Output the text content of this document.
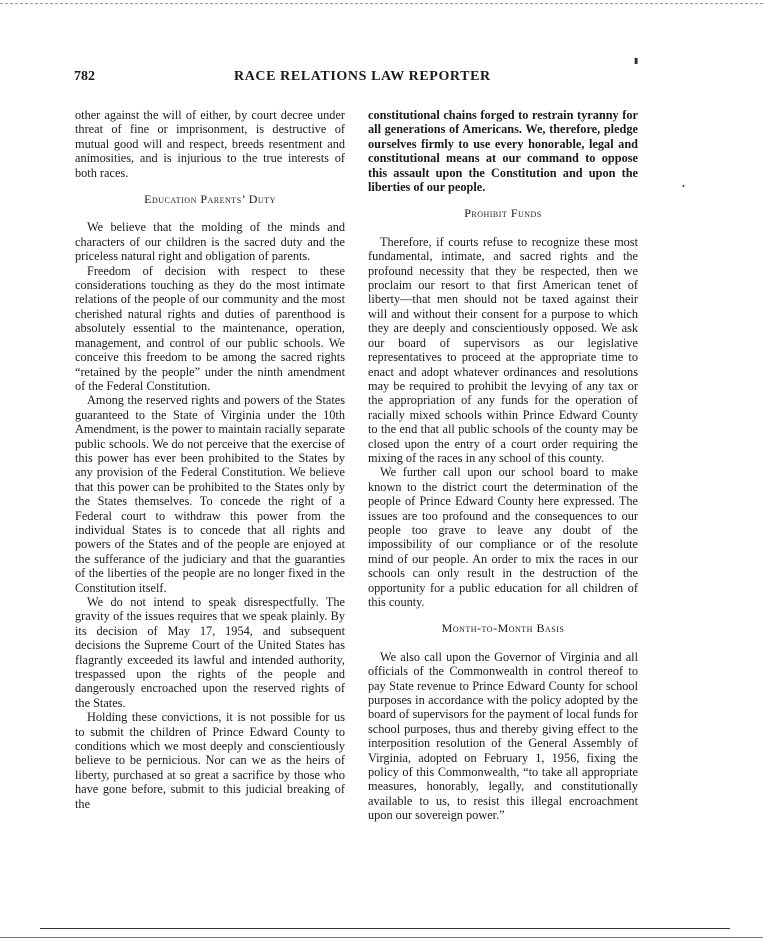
782	RACE RELATIONS LAW REPORTER

other against the will of either, by court decree under threat of fine or imprisonment, is destructive of mutual good will and respect, breeds resentment and animosities, and is injurious to the true interests of both races.

Education Parents’ Duty

We believe that the molding of the minds and characters of our children is the sacred duty and the priceless natural right and obligation of parents.

Freedom of decision with respect to these considerations touching as they do the most intimate relations of the people of our community and the most cherished natural rights and duties of parenthood is absolutely essential to the maintenance, operation, management, and control of our public schools. We conceive this freedom to be among the sacred rights “retained by the people” under the ninth amendment of the Federal Constitution.

Among the reserved rights and powers of the States guaranteed to the State of Virginia under the 10th Amendment, is the power to maintain racially separate public schools. We do not perceive that the exercise of this power has ever been prohibited to the States by any provision of the Federal Constitution. We believe that this power can be prohibited to the States only by the States themselves. To concede the right of a Federal court to withdraw this power from the individual States is to concede that all rights and powers of the States and of the people are enjoyed at the sufferance of the judiciary and that the guaranties of the liberties of the people are no longer fixed in the Constitution itself.

We do not intend to speak disrespectfully. The gravity of the issues requires that we speak plainly. By its decision of May 17, 1954, and subsequent decisions the Supreme Court of the United States has flagrantly exceeded its lawful and intended authority, trespassed upon the rights of the people and dangerously encroached upon the reserved rights of the States.

Holding these convictions, it is not possible for us to submit the children of Prince Edward County to conditions which we most deeply and conscientiously believe to be pernicious. Nor can we as the heirs of liberty, purchased at so great a sacrifice by those who have gone before, submit to this judicial breaking of the

constitutional chains forged to restrain tyranny for all generations of Americans. We, therefore, pledge ourselves firmly to use every honorable, legal and constitutional means at our command to oppose this assault upon the Constitution and upon the liberties of our people.

Prohibit Funds

Therefore, if courts refuse to recognize these most fundamental, intimate, and sacred rights and the profound necessity that they be respected, then we proclaim our resort to that first American tenet of liberty—that men should not be taxed against their will and without their consent for a purpose to which they are deeply and conscientiously opposed. We ask our board of supervisors as our legislative representatives to proceed at the appropriate time to enact and adopt whatever ordinances and resolutions may be required to prohibit the levying of any tax or the appropriation of any funds for the operation of racially mixed schools within Prince Edward County to the end that all public schools of the county may be closed upon the entry of a court order requiring the mixing of the races in any school of this county.

We further call upon our school board to make known to the district court the determination of the people of Prince Edward County here expressed. The issues are too profound and the consequences to our people too grave to leave any doubt of the impossibility of our compliance or of the resolute mind of our people. An order to mix the races in our schools can only result in the destruction of the opportunity for a public education for all children of this county.

Month-to-Month Basis

We also call upon the Governor of Virginia and all officials of the Commonwealth in control thereof to pay State revenue to Prince Edward County for school purposes in accordance with the policy adopted by the board of supervisors for the payment of local funds for school purposes, thus and thereby giving effect to the interposition resolution of the General Assembly of Virginia, adopted on February 1, 1956, fixing the policy of this Commonwealth, “to take all appropriate measures, honorably, legally, and constitutionally available to us, to resist this illegal encroachment upon our sovereign power.”

▮
•
